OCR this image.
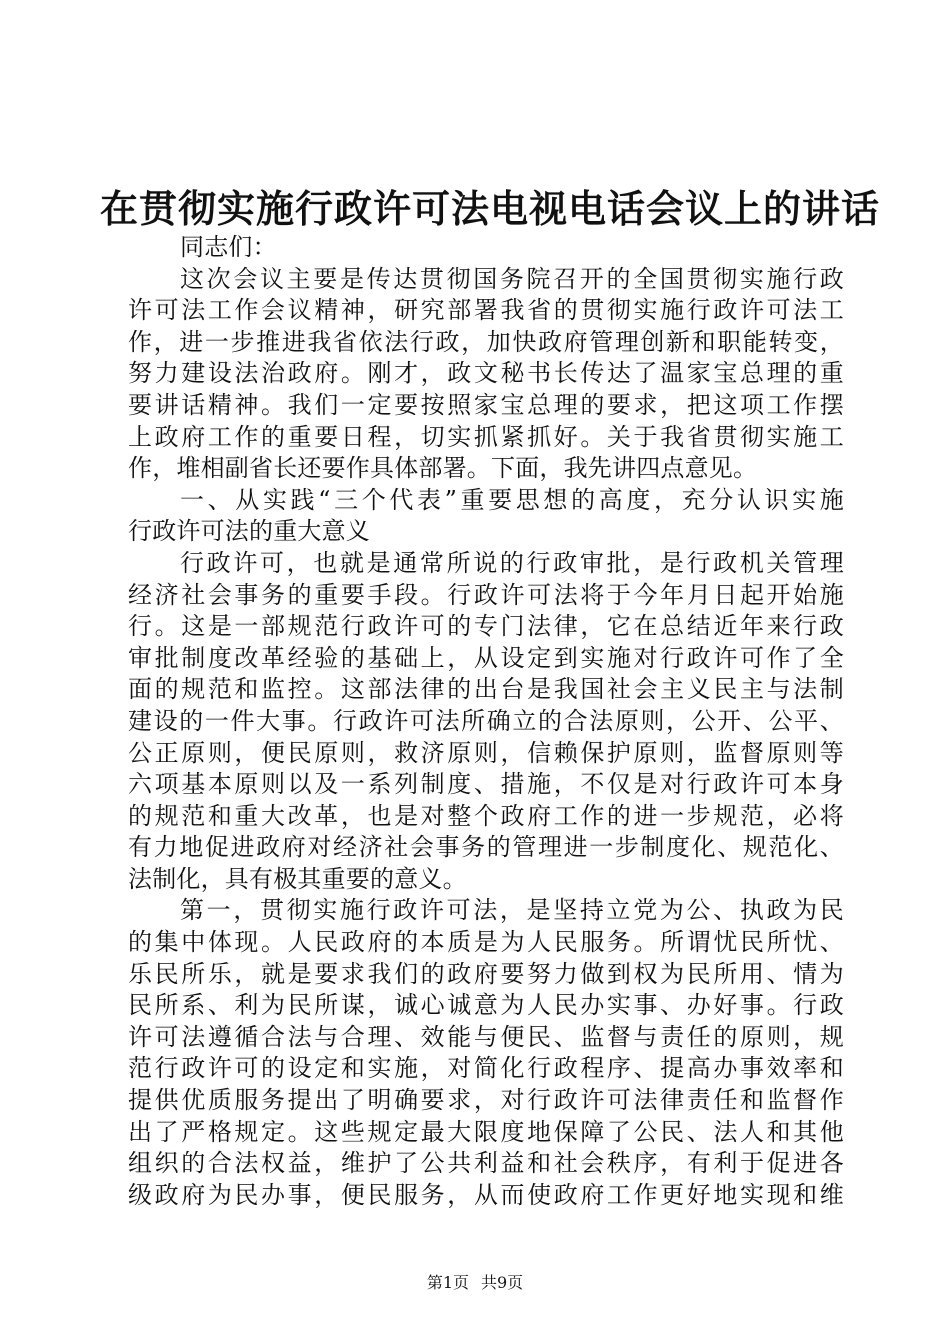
在贯彻实施行政许可法电视电话会议上的讲话
同志们：
这次会议主要是传达贯彻国务院召开的全国贯彻实施行政
许可法工作会议精神，研究部署我省的贯彻实施行政许可法工
作，进一步推进我省依法行政，加快政府管理创新和职能转变，
努力建设法治政府。刚才，政文秘书长传达了温家宝总理的重
要讲话精神。我们一定要按照家宝总理的要求，把这项工作摆
上政府工作的重要日程，切实抓紧抓好。关于我省贯彻实施工
作，堆相副省长还要作具体部署。下面，我先讲四点意见。
一、从实践“三个代表”重要思想的高度，充分认识实施
行政许可法的重大意义
行政许可，也就是通常所说的行政审批，是行政机关管理
经济社会事务的重要手段。行政许可法将于今年月日起开始施
行。这是一部规范行政许可的专门法律，它在总结近年来行政
审批制度改革经验的基础上，从设定到实施对行政许可作了全
面的规范和监控。这部法律的出台是我国社会主义民主与法制
建设的一件大事。行政许可法所确立的合法原则，公开、公平、
公正原则，便民原则，救济原则，信赖保护原则，监督原则等
六项基本原则以及一系列制度、措施，不仅是对行政许可本身
的规范和重大改革，也是对整个政府工作的进一步规范，必将
有力地促进政府对经济社会事务的管理进一步制度化、规范化、
法制化，具有极其重要的意义。
第一，贯彻实施行政许可法，是坚持立党为公、执政为民
的集中体现。人民政府的本质是为人民服务。所谓忧民所忧、
乐民所乐，就是要求我们的政府要努力做到权为民所用、情为
民所系、利为民所谋，诚心诚意为人民办实事、办好事。行政
许可法遵循合法与合理、效能与便民、监督与责任的原则，规
范行政许可的设定和实施，对简化行政程序、提高办事效率和
提供优质服务提出了明确要求，对行政许可法律责任和监督作
出了严格规定。这些规定最大限度地保障了公民、法人和其他
组织的合法权益，维护了公共利益和社会秩序，有利于促进各
级政府为民办事，便民服务，从而使政府工作更好地实现和维
第1页 共9页
